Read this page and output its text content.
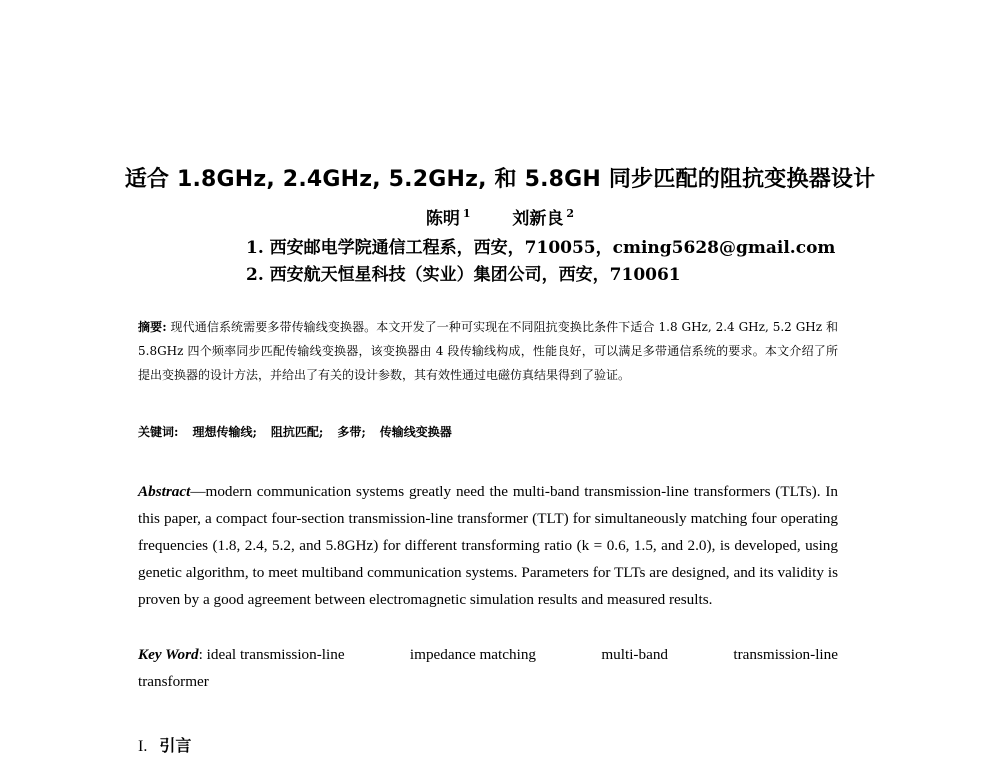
适合 1.8GHz, 2.4GHz, 5.2GHz, 和 5.8GH 同步匹配的阻抗变换器设计
陈明 $^1$ 刘新良 $^2$
1. 西安邮电学院通信工程系，西安，710055，cming5628@gmail.com
2. 西安航天恒星科技（实业）集团公司，西安，710061

摘要: 现代通信系统需要多带传输线变换器。本文开发了一种可实现在不同阻抗变换比条件下适合 1.8 GHz, 2.4 GHz, 5.2 GHz 和 5.8GHz 四个频率同步匹配传输线变换器，该变换器由 4 段传输线构成，性能良好，可以满足多带通信系统的要求。本文介绍了所提出变换器的设计方法，并给出了有关的设计参数，其有效性通过电磁仿真结果得到了验证。

关键词: 理想传输线; 阻抗匹配; 多带; 传输线变换器

Abstract—modern communication systems greatly need the multi-band transmission-line transformers (TLTs). In this paper, a compact four-section transmission-line transformer (TLT) for simultaneously matching four operating frequencies (1.8, 2.4, 5.2, and 5.8GHz) for different transforming ratio (k = 0.6, 1.5, and 2.0), is developed, using genetic algorithm, to meet multiband communication systems. Parameters for TLTs are designed, and its validity is proven by a good agreement between electromagnetic simulation results and measured results.

Key Word: ideal transmission-line	impedance matching	multi-band	transmission-line
transformer
I. 引言
